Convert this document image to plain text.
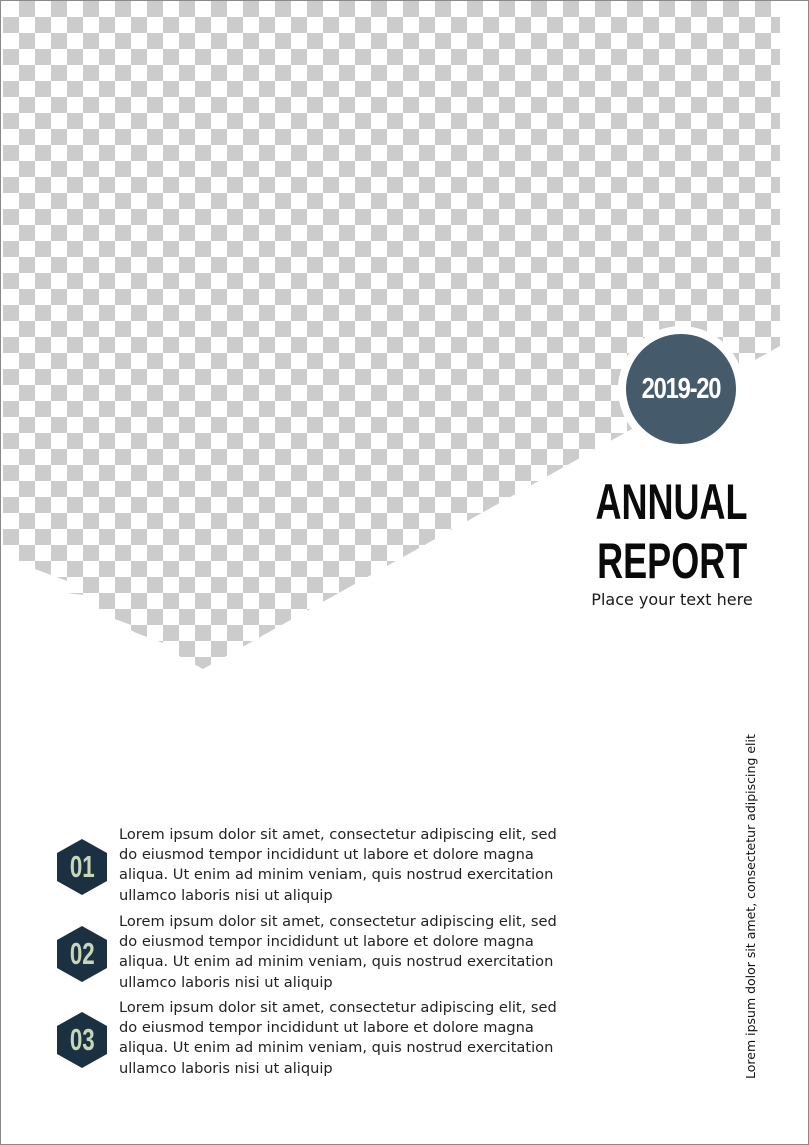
2019-20
ANNUAL
REPORT
Place your text here
Lorem ipsum dolor sit amet, consectetur adipiscing elit
01
Lorem ipsum dolor sit amet, consectetur adipiscing elit, sed do eiusmod tempor incididunt ut labore et dolore magna aliqua. Ut enim ad minim veniam, quis nostrud exercitation ullamco laboris nisi ut aliquip
02
Lorem ipsum dolor sit amet, consectetur adipiscing elit, sed do eiusmod tempor incididunt ut labore et dolore magna aliqua. Ut enim ad minim veniam, quis nostrud exercitation ullamco laboris nisi ut aliquip
03
Lorem ipsum dolor sit amet, consectetur adipiscing elit, sed do eiusmod tempor incididunt ut labore et dolore magna aliqua. Ut enim ad minim veniam, quis nostrud exercitation ullamco laboris nisi ut aliquip
